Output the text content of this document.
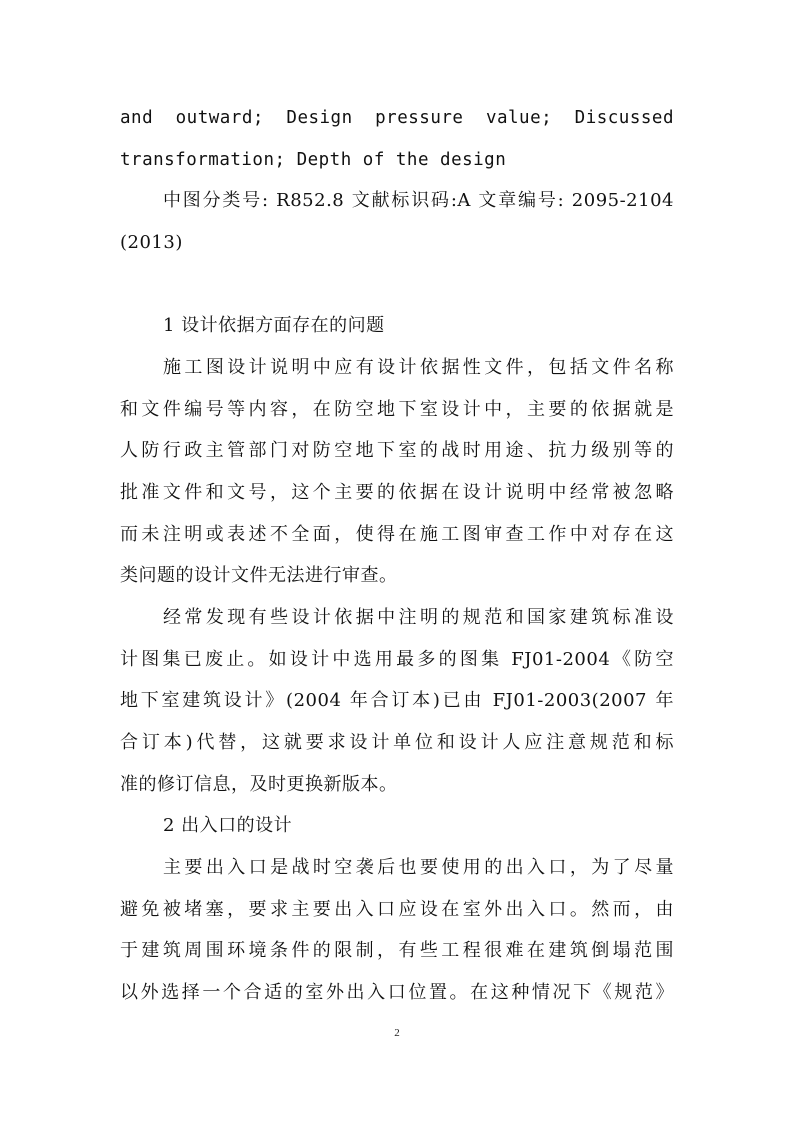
and outward; Design pressure value; Discussed
transformation; Depth of the design
中图分类号: R852.8 文献标识码:A 文章编号: 2095-2104
(2013)
1 设计依据方面存在的问题
施工图设计说明中应有设计依据性文件，包括文件名称
和文件编号等内容，在防空地下室设计中，主要的依据就是
人防行政主管部门对防空地下室的战时用途、抗力级别等的
批准文件和文号，这个主要的依据在设计说明中经常被忽略
而未注明或表述不全面，使得在施工图审查工作中对存在这
类问题的设计文件无法进行审查。
经常发现有些设计依据中注明的规范和国家建筑标准设
计图集已废止。如设计中选用最多的图集 FJ01-2004《防空
地下室建筑设计》(2004 年合订本)已由 FJ01-2003(2007 年
合订本)代替，这就要求设计单位和设计人应注意规范和标
准的修订信息，及时更换新版本。
2 出入口的设计
主要出入口是战时空袭后也要使用的出入口，为了尽量
避免被堵塞，要求主要出入口应设在室外出入口。然而，由
于建筑周围环境条件的限制，有些工程很难在建筑倒塌范围
以外选择一个合适的室外出入口位置。在这种情况下《规范》
2
